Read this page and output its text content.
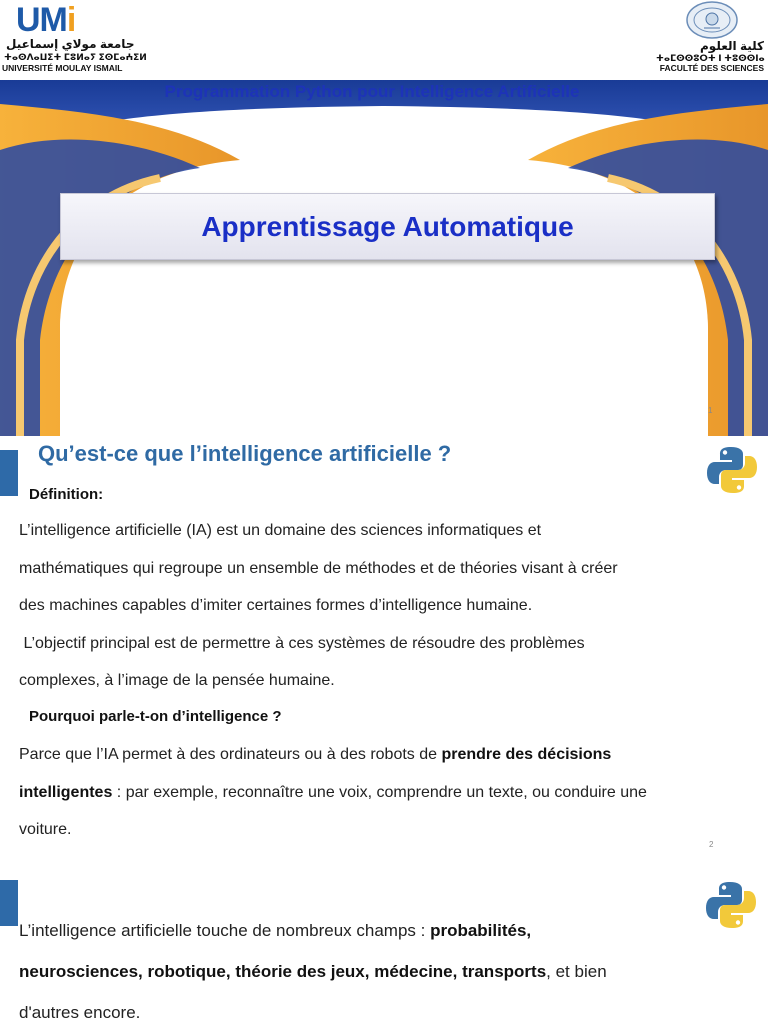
UMi
جامعة مولاي إسماعيل
ⵜⴰⵙⴷⴰⵡⵉⵜ ⵎⵓⵍⴰⵢ ⵉⵙⵎⴰⵄⵉⵍ
UNIVERSITÉ MOULAY ISMAIL
كلية العلوم
ⵜⴰⵎⵙⵙⵓⵔⵜ ⵏ ⵜⵓⵙⵙⵏⴰ
FACULTÉ DES SCIENCES
Programmation Python pour Intelligence Artificielle
Apprentissage Automatique
1
Qu’est-ce que l’intelligence artificielle ?
Définition:
L’intelligence artificielle (IA) est un domaine des sciences informatiques et
mathématiques qui regroupe un ensemble de méthodes et de théories visant à créer
des machines capables d’imiter certaines formes d’intelligence humaine.
L’objectif principal est de permettre à ces systèmes de résoudre des problèmes
complexes, à l’image de la pensée humaine.
Pourquoi parle-t-on d’intelligence ?
Parce que l’IA permet à des ordinateurs ou à des robots de prendre des décisions
intelligentes : par exemple, reconnaître une voix, comprendre un texte, ou conduire une
voiture.
2
L’intelligence artificielle touche de nombreux champs : probabilités,
neurosciences, robotique, théorie des jeux, médecine, transports, et bien
d'autres encore.
